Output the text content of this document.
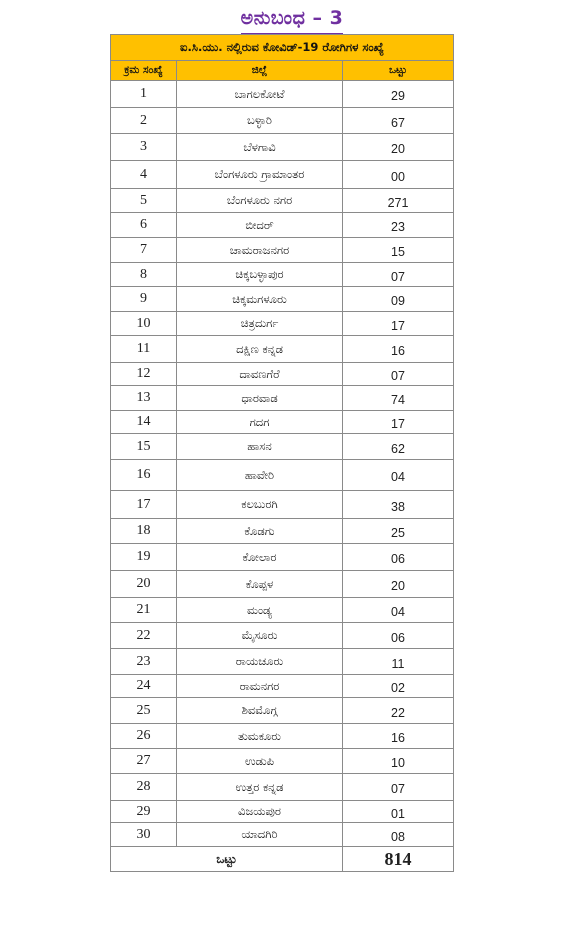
ಅನುಬಂಧ – 3
ಐ.ಸಿ.ಯು. ನಲ್ಲಿರುವ ಕೋವಿಡ್-19 ರೋಗಿಗಳ ಸಂಖ್ಯೆ		
ಕ್ರಮ ಸಂಖ್ಯೆ	ಜಿಲ್ಲೆ	ಒಟ್ಟು
1	ಬಾಗಲಕೋಟೆ	29
2	ಬಳ್ಳಾರಿ	67
3	ಬೆಳಗಾವಿ	20
4	ಬೆಂಗಳೂರು ಗ್ರಾಮಾಂತರ	00
5	ಬೆಂಗಳೂರು ನಗರ	271
6	ಬೀದರ್	23
7	ಚಾಮರಾಜನಗರ	15
8	ಚಿಕ್ಕಬಳ್ಳಾಪುರ	07
9	ಚಿಕ್ಕಮಗಳೂರು	09
10	ಚಿತ್ರದುರ್ಗ	17
11	ದಕ್ಷಿಣ ಕನ್ನಡ	16
12	ದಾವಣಗೆರೆ	07
13	ಧಾರವಾಡ	74
14	ಗದಗ	17
15	ಹಾಸನ	62
16	ಹಾವೇರಿ	04
17	ಕಲಬುರಗಿ	38
18	ಕೊಡಗು	25
19	ಕೋಲಾರ	06
20	ಕೊಪ್ಪಳ	20
21	ಮಂಡ್ಯ	04
22	ಮೈಸೂರು	06
23	ರಾಯಚೂರು	11
24	ರಾಮನಗರ	02
25	ಶಿವಮೊಗ್ಗ	22
26	ತುಮಕೂರು	16
27	ಉಡುಪಿ	10
28	ಉತ್ತರ ಕನ್ನಡ	07
29	ವಿಜಯಪುರ	01
30	ಯಾದಗಿರಿ	08
ಒಟ್ಟು		814
